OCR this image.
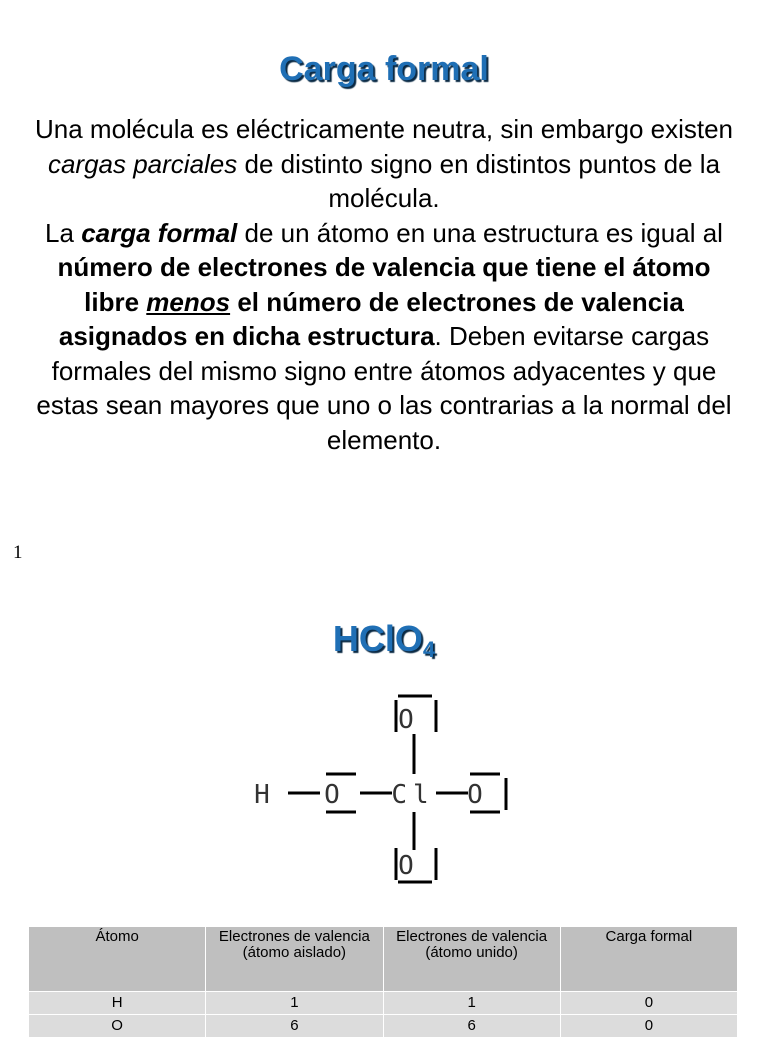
Carga formal

Una molécula es eléctricamente neutra, sin embargo existen cargas parciales de distinto signo en distintos puntos de la molécula.

La carga formal de un átomo en una estructura es igual al número de electrones de valencia que tiene el átomo libre menos el número de electrones de valencia asignados en dicha estructura. Deben evitarse cargas formales del mismo signo entre átomos adyacentes y que estas sean mayores que uno o las contrarias a la normal del elemento.

1
HClO$_4$
H O Cl O
O
O
Átomo	Electrones de valencia (átomo aislado)	Electrones de valencia (átomo unido)	Carga formal
H	1	1	0
O	6	6	0
